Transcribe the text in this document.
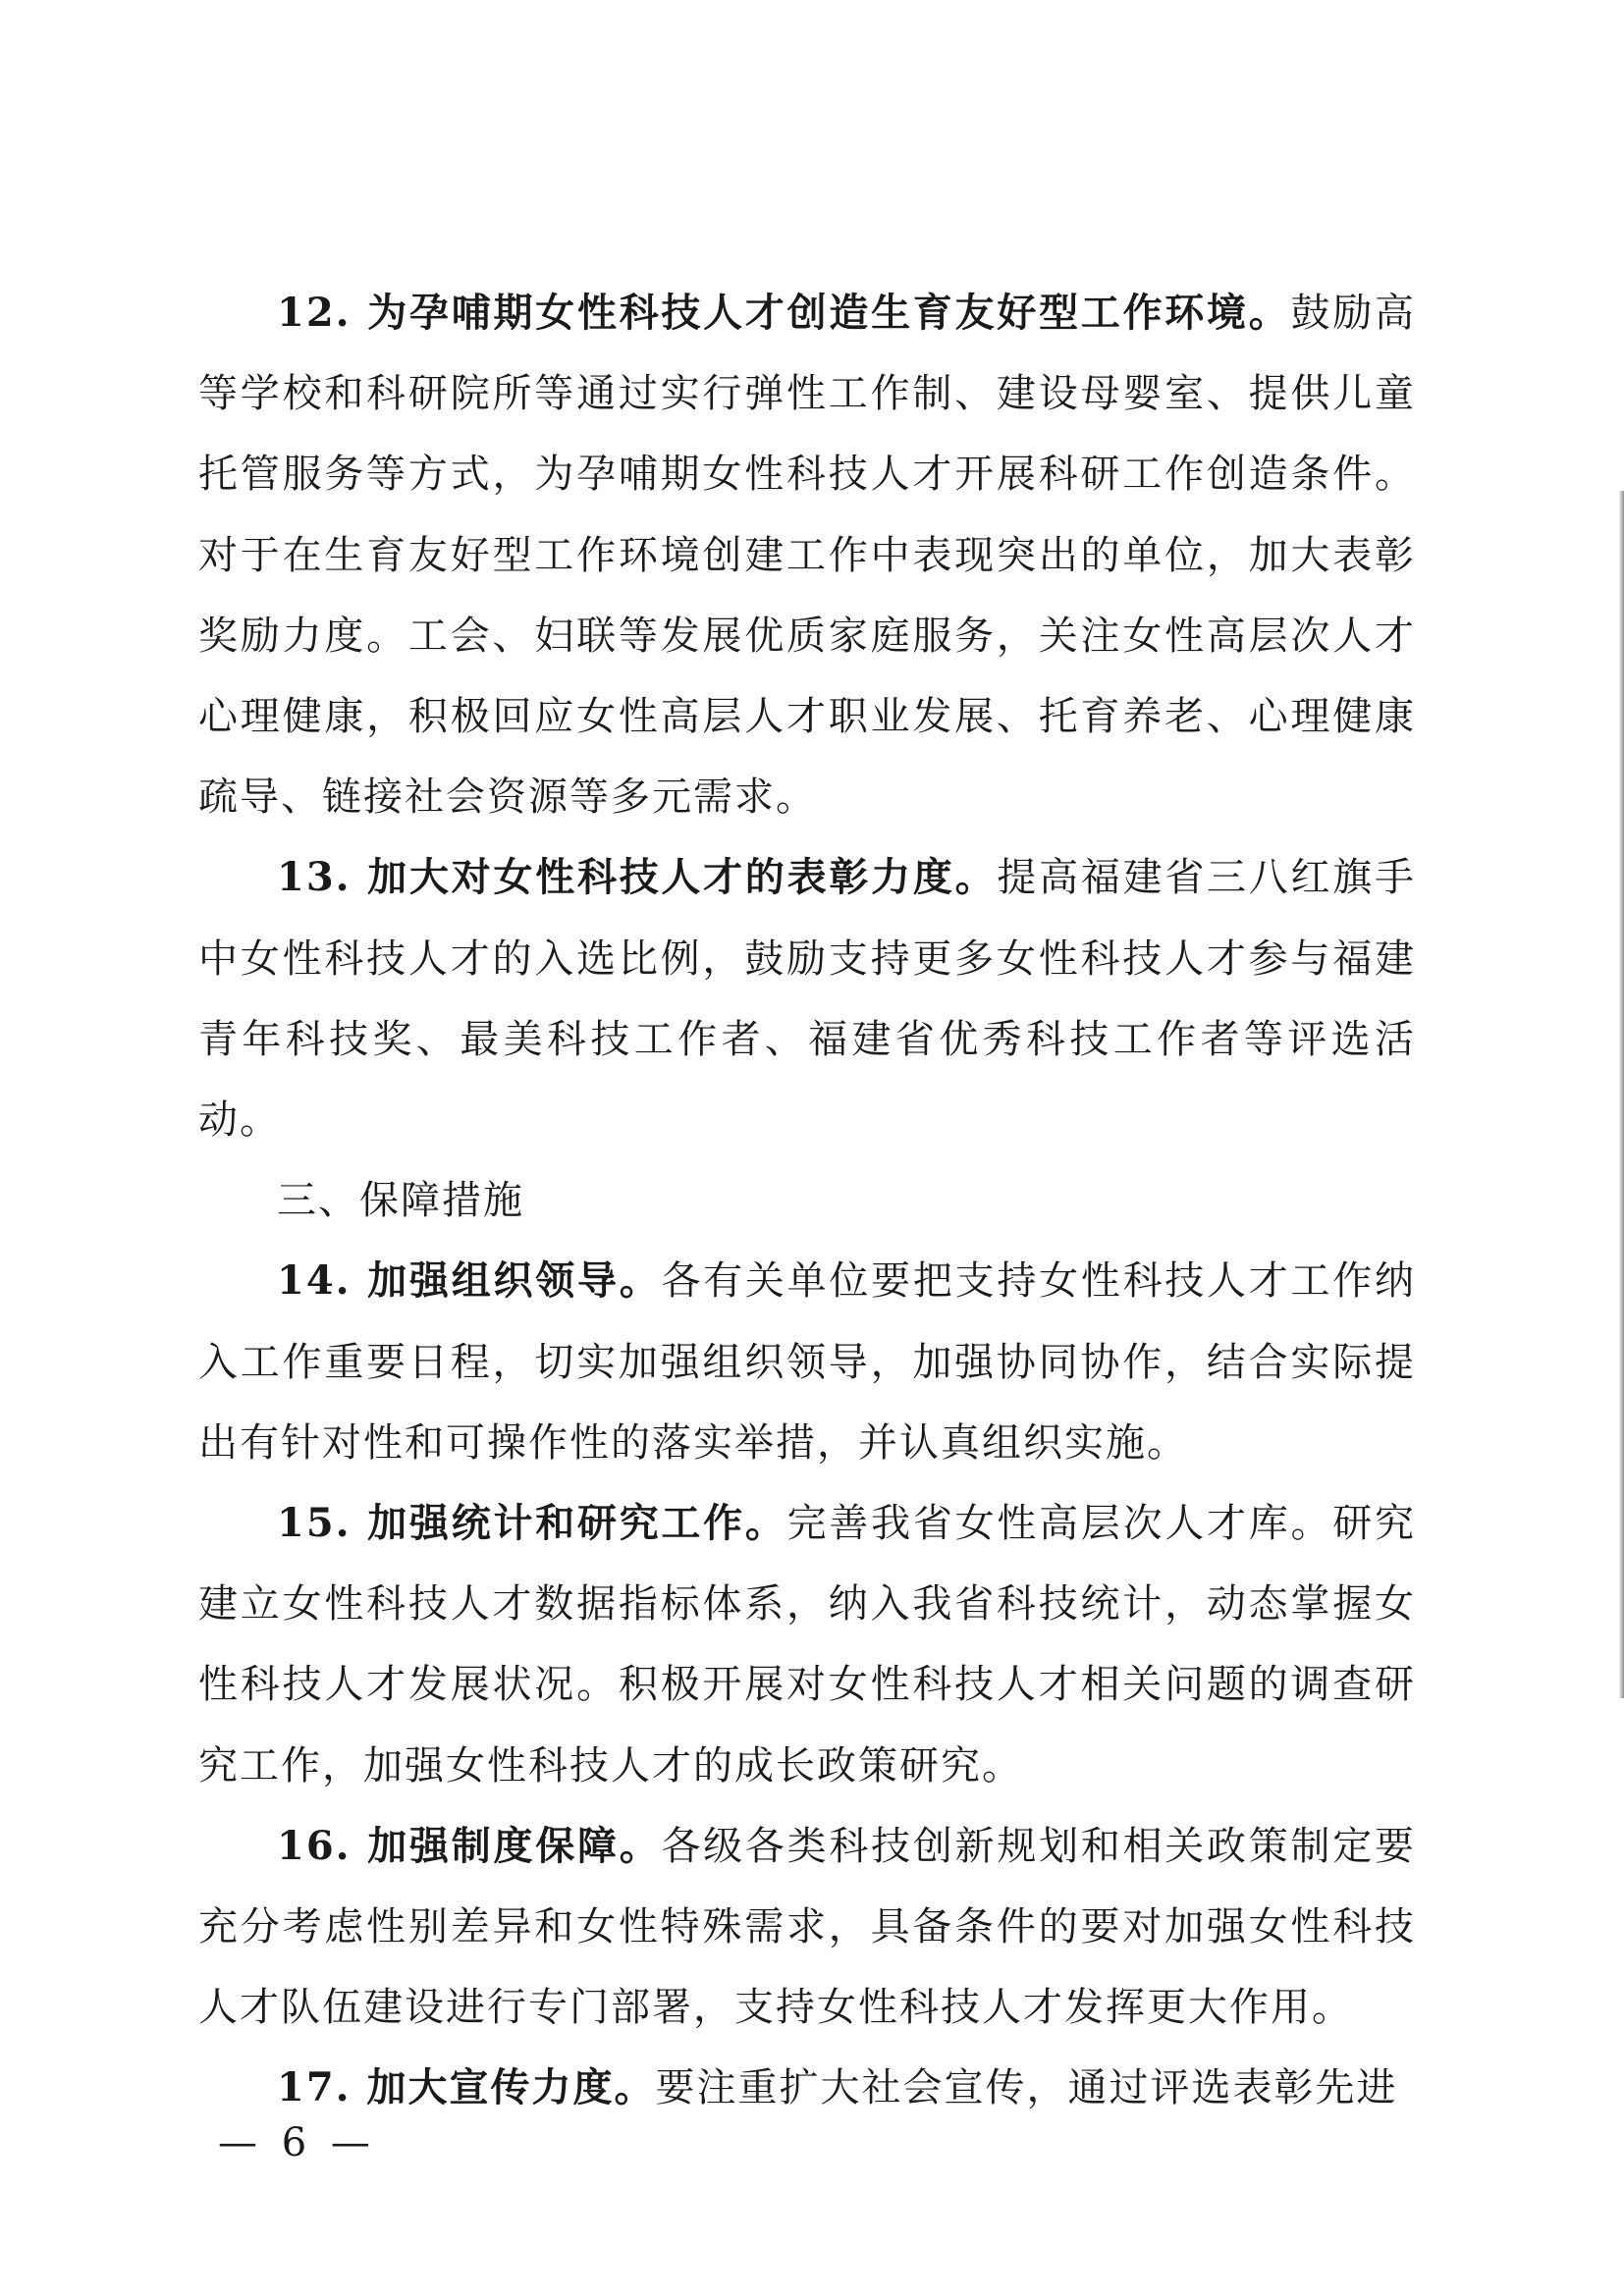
12. 为孕哺期女性科技人才创造生育友好型工作环境。鼓励高等学校和科研院所等通过实行弹性工作制、建设母婴室、提供儿童托管服务等方式，为孕哺期女性科技人才开展科研工作创造条件。对于在生育友好型工作环境创建工作中表现突出的单位，加大表彰奖励力度。工会、妇联等发展优质家庭服务，关注女性高层次人才心理健康，积极回应女性高层人才职业发展、托育养老、心理健康疏导、链接社会资源等多元需求。

13. 加大对女性科技人才的表彰力度。提高福建省三八红旗手中女性科技人才的入选比例，鼓励支持更多女性科技人才参与福建青年科技奖、最美科技工作者、福建省优秀科技工作者等评选活动。

三、保障措施

14. 加强组织领导。各有关单位要把支持女性科技人才工作纳入工作重要日程，切实加强组织领导，加强协同协作，结合实际提出有针对性和可操作性的落实举措，并认真组织实施。

15. 加强统计和研究工作。完善我省女性高层次人才库。研究建立女性科技人才数据指标体系，纳入我省科技统计，动态掌握女性科技人才发展状况。积极开展对女性科技人才相关问题的调查研究工作，加强女性科技人才的成长政策研究。

16. 加强制度保障。各级各类科技创新规划和相关政策制定要充分考虑性别差异和女性特殊需求，具备条件的要对加强女性科技人才队伍建设进行专门部署，支持女性科技人才发挥更大作用。

17. 加大宣传力度。要注重扩大社会宣传，通过评选表彰先进

— 6 —
